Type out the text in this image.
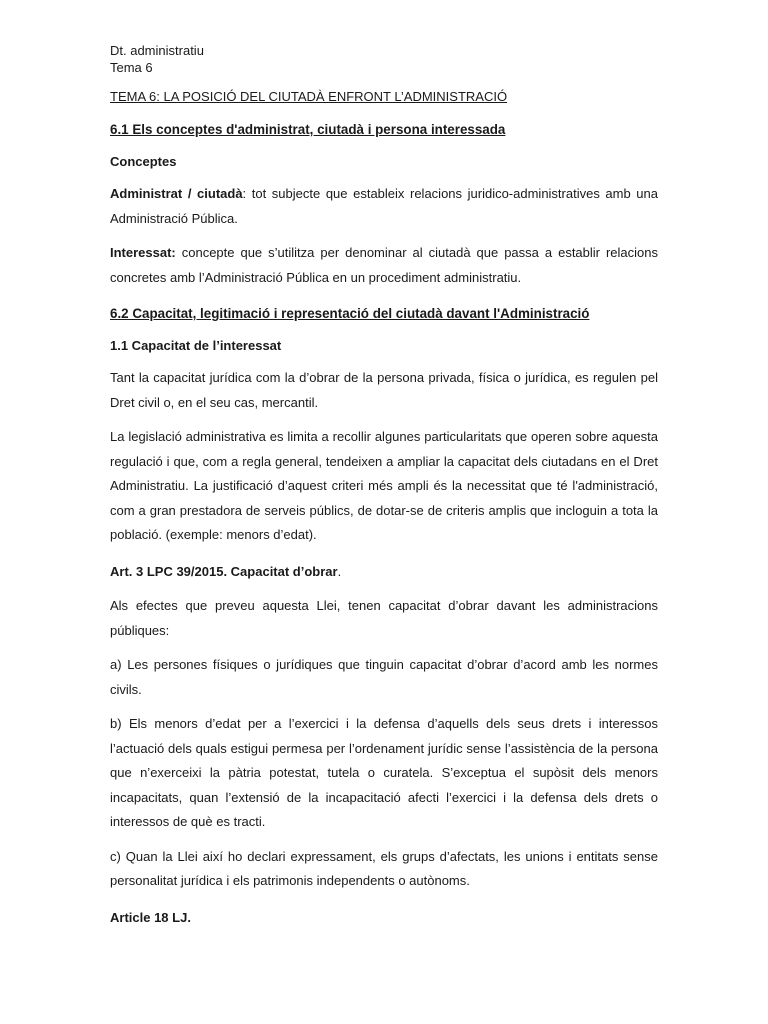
Dt. administratiu
Tema 6
TEMA 6: LA POSICIÓ DEL CIUTADÀ ENFRONT L’ADMINISTRACIÓ
6.1 Els conceptes d'administrat, ciutadà i persona interessada
Conceptes

Administrat / ciutadà: tot subjecte que estableix relacions juridico-administratives amb una Administració Pública.

Interessat: concepte que s’utilitza per denominar al ciutadà que passa a establir relacions concretes amb l’Administració Pública en un procediment administratiu.

6.2 Capacitat, legitimació i representació del ciutadà davant l'Administració
1.1 Capacitat de l’interessat

Tant la capacitat jurídica com la d’obrar de la persona privada, física o jurídica, es regulen pel Dret civil o, en el seu cas, mercantil.

La legislació administrativa es limita a recollir algunes particularitats que operen sobre aquesta regulació i que, com a regla general, tendeixen a ampliar la capacitat dels ciutadans en el Dret Administratiu. La justificació d’aquest criteri més ampli és la necessitat que té l'administració, com a gran prestadora de serveis públics, de dotar-se de criteris amplis que incloguin a tota la població. (exemple: menors d’edat).

Art. 3 LPC 39/2015. Capacitat d’obrar.

Als efectes que preveu aquesta Llei, tenen capacitat d’obrar davant les administracions públiques:

a) Les persones físiques o jurídiques que tinguin capacitat d’obrar d’acord amb les normes civils.

b) Els menors d’edat per a l’exercici i la defensa d’aquells dels seus drets i interessos l’actuació dels quals estigui permesa per l’ordenament jurídic sense l’assistència de la persona que n’exerceixi la pàtria potestat, tutela o curatela. S’exceptua el supòsit dels menors incapacitats, quan l’extensió de la incapacitació afecti l’exercici i la defensa dels drets o interessos de què es tracti.

c) Quan la Llei així ho declari expressament, els grups d’afectats, les unions i entitats sense personalitat jurídica i els patrimonis independents o autònoms.

Article 18 LJ.
